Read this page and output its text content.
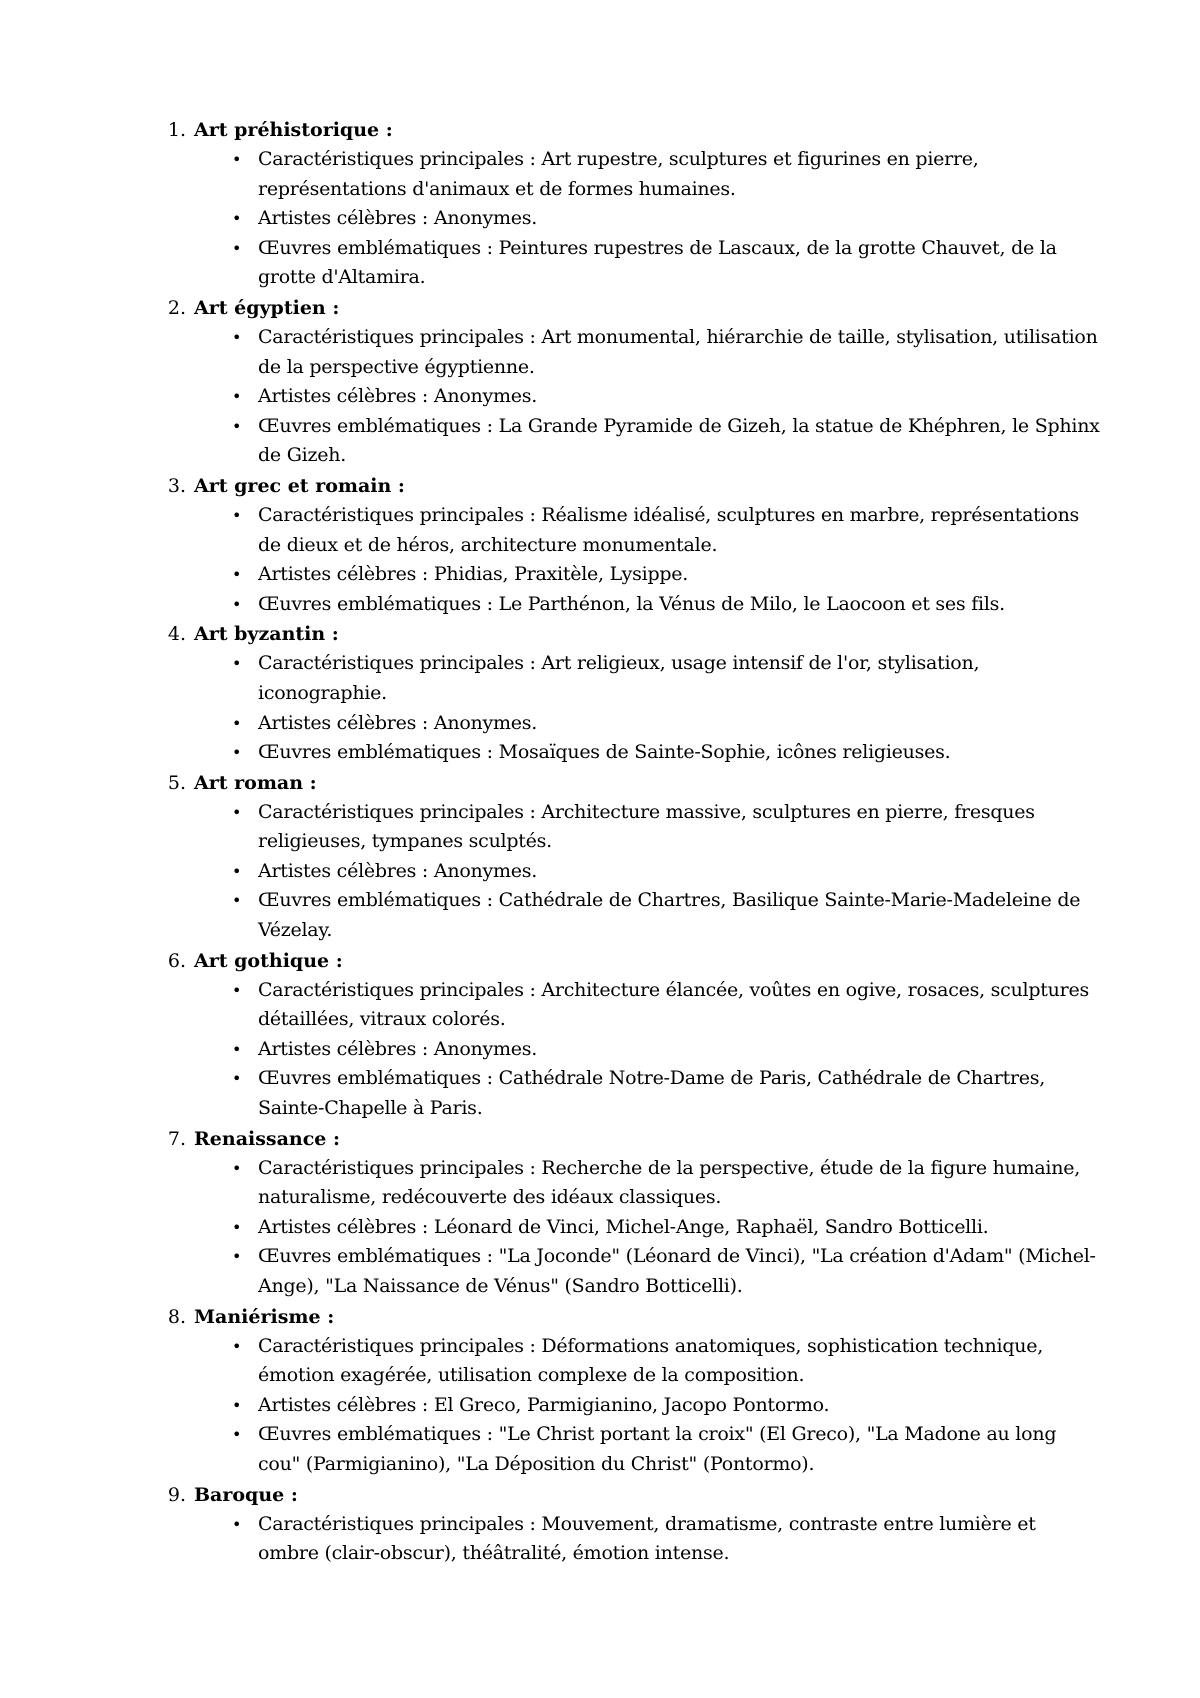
1 . Art préhistorique :
• Caractéristiques principales : Art rupestre, sculptures et figurines en pierre, représentations d'animaux et de formes humaines.
• Artistes célèbres : Anonymes.
• Œuvres emblématiques : Peintures rupestres de Lascaux, de la grotte Chauvet, de la grotte d'Altamira.
2 . Art égyptien :
• Caractéristiques principales : Art monumental, hiérarchie de taille, stylisation, utilisation de la perspective égyptienne.
• Artistes célèbres : Anonymes.
• Œuvres emblématiques : La Grande Pyramide de Gizeh, la statue de Khéphren, le Sphinx de Gizeh.
3 . Art grec et romain :
• Caractéristiques principales : Réalisme idéalisé, sculptures en marbre, représentations de dieux et de héros, architecture monumentale.
• Artistes célèbres : Phidias, Praxitèle, Lysippe.
• Œuvres emblématiques : Le Parthénon, la Vénus de Milo, le Laocoon et ses fils.
4 . Art byzantin :
• Caractéristiques principales : Art religieux, usage intensif de l'or, stylisation, iconographie.
• Artistes célèbres : Anonymes.
• Œuvres emblématiques : Mosaïques de Sainte-Sophie, icônes religieuses.
5 . Art roman :
• Caractéristiques principales : Architecture massive, sculptures en pierre, fresques religieuses, tympanes sculptés.
• Artistes célèbres : Anonymes.
• Œuvres emblématiques : Cathédrale de Chartres, Basilique Sainte-Marie-Madeleine de Vézelay.
6 . Art gothique :
• Caractéristiques principales : Architecture élancée, voûtes en ogive, rosaces, sculptures détaillées, vitraux colorés.
• Artistes célèbres : Anonymes.
• Œuvres emblématiques : Cathédrale Notre-Dame de Paris, Cathédrale de Chartres, Sainte-Chapelle à Paris.
7 . Renaissance :
• Caractéristiques principales : Recherche de la perspective, étude de la figure humaine, naturalisme, redécouverte des idéaux classiques.
• Artistes célèbres : Léonard de Vinci, Michel-Ange, Raphaël, Sandro Botticelli.
• Œuvres emblématiques : "La Joconde" (Léonard de Vinci), "La création d'Adam" (Michel-Ange), "La Naissance de Vénus" (Sandro Botticelli).
8 . Maniérisme :
• Caractéristiques principales : Déformations anatomiques, sophistication technique, émotion exagérée, utilisation complexe de la composition.
• Artistes célèbres : El Greco, Parmigianino, Jacopo Pontormo.
• Œuvres emblématiques : "Le Christ portant la croix" (El Greco), "La Madone au long cou" (Parmigianino), "La Déposition du Christ" (Pontormo).
9 . Baroque :
• Caractéristiques principales : Mouvement, dramatisme, contraste entre lumière et ombre (clair-obscur), théâtralité, émotion intense.
